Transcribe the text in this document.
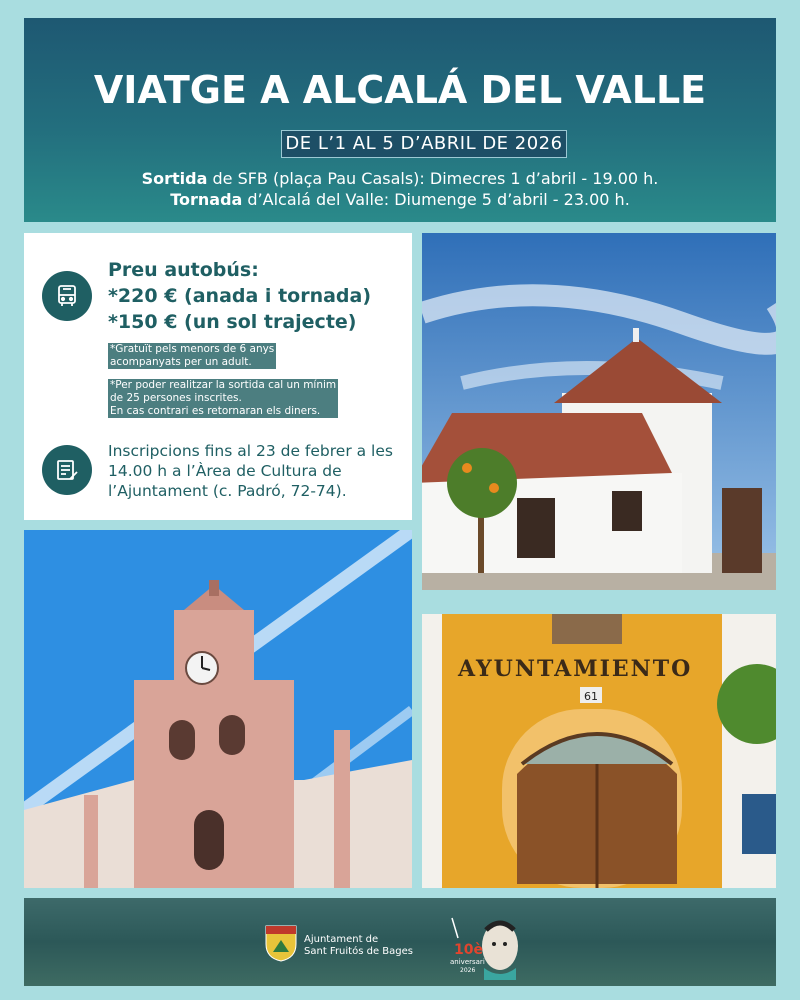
VIATGE A ALCALÁ DEL VALLE
DE L’1 AL 5 D’ABRIL DE 2026
Sortida de SFB (plaça Pau Casals): Dimecres 1 d’abril - 19.00 h.
Tornada d’Alcalá del Valle: Diumenge 5 d’abril - 23.00 h.
Preu autobús:
*220 € (anada i tornada)
*150 € (un sol trajecte)
*Gratuït pels menors de 6 anys
acompanyats per un adult.
*Per poder realitzar la sortida cal un mínim
de 25 persones inscrites.
En cas contrari es retornaran els diners.
Inscripcions fins al 23 de febrer a les 14.00 h a l’Àrea de Cultura de l’Ajuntament (c. Padró, 72-74).
AYUNTAMIENTO
61
Ajuntament de
Sant Fruitós de Bages	10è
aniversari
2026
